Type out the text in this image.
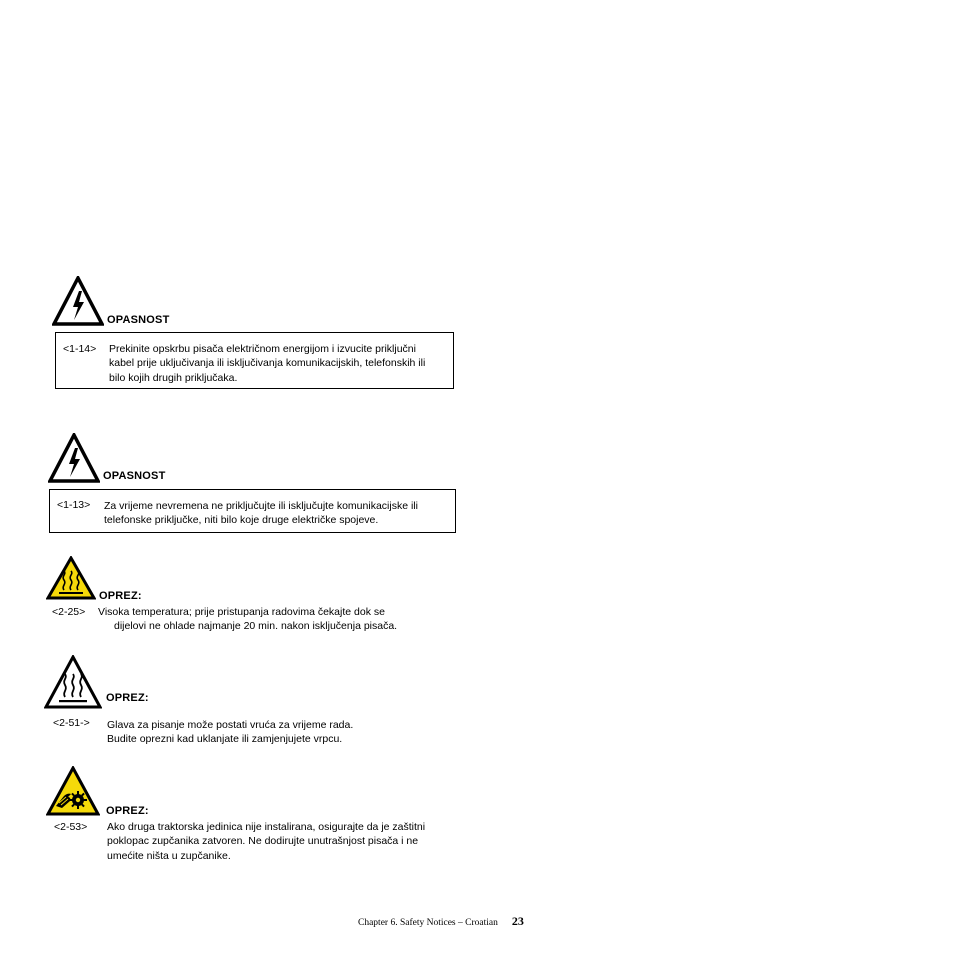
OPASNOST
<1-14> Prekinite opskrbu pisača električnom energijom i izvucite priključni
kabel prije uključivanja ili isključivanja komunikacijskih, telefonskih ili
bilo kojih drugih priključaka.
OPASNOST
<1-13> Za vrijeme nevremena ne priključujte ili isključujte komunikacijske ili
telefonske priključke, niti bilo koje druge električke spojeve.
OPREZ:
<2-25> Visoka temperatura; prije pristupanja radovima čekajte dok se
dijelovi ne ohlade najmanje 20 min. nakon isključenja pisača.
OPREZ:
<2-51-> Glava za pisanje može postati vruća za vrijeme rada.
Budite oprezni kad uklanjate ili zamjenjujete vrpcu.
OPREZ:
<2-53> Ako druga traktorska jedinica nije instalirana, osigurajte da je zaštitni
poklopac zupčanika zatvoren. Ne dodirujte unutrašnjost pisača i ne
umećite ništa u zupčanike.
Chapter 6. Safety Notices – Croatian 23
